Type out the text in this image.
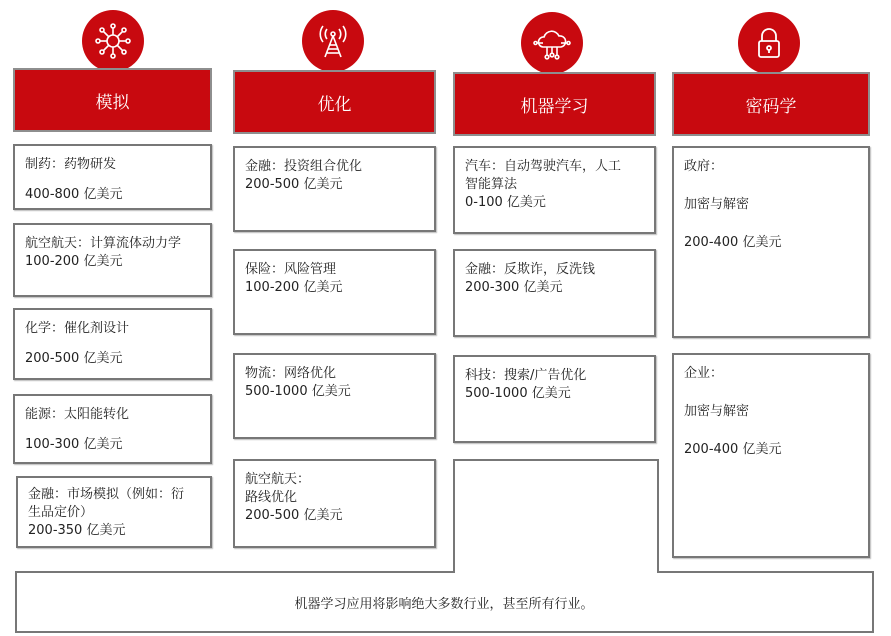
模拟	优化	机器学习	密码学
制药：药物研发
400-800 亿美元
航空航天：计算流体动力学
100-200 亿美元
化学：催化剂设计
200-500 亿美元
能源：太阳能转化
100-300 亿美元
金融：市场模拟（例如：衍
生品定价）
200-350 亿美元
金融：投资组合优化
200-500 亿美元
保险：风险管理
100-200 亿美元
物流：网络优化
500-1000 亿美元
航空航天：
路线优化
200-500 亿美元
汽车：自动驾驶汽车，人工
智能算法
0-100 亿美元
金融：反欺诈，反洗钱
200-300 亿美元
科技：搜索/广告优化
500-1000 亿美元
政府：
加密与解密
200-400 亿美元
企业：
加密与解密
200-400 亿美元
机器学习应用将影响绝大多数行业，甚至所有行业。
